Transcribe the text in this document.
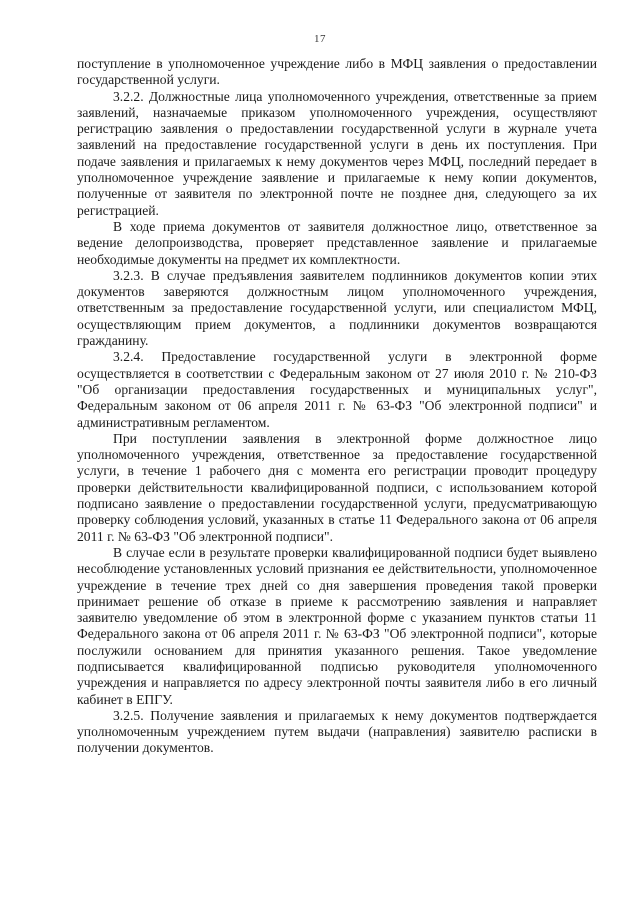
17

поступление в уполномоченное учреждение либо в МФЦ заявления о предоставлении государственной услуги.

3.2.2. Должностные лица уполномоченного учреждения, ответственные за прием заявлений, назначаемые приказом уполномоченного учреждения, осуществляют регистрацию заявления о предоставлении государственной услуги в журнале учета заявлений на предоставление государственной услуги в день их поступления. При подаче заявления и прилагаемых к нему документов через МФЦ, последний передает в уполномоченное учреждение заявление и прилагаемые к нему копии документов, полученные от заявителя по электронной почте не позднее дня, следующего за их регистрацией.

В ходе приема документов от заявителя должностное лицо, ответственное за ведение делопроизводства, проверяет представленное заявление и прилагаемые необходимые документы на предмет их комплектности.

3.2.3. В случае предъявления заявителем подлинников документов копии этих документов заверяются должностным лицом уполномоченного учреждения, ответственным за предоставление государственной услуги, или специалистом МФЦ, осуществляющим прием документов, а подлинники документов возвращаются гражданину.

3.2.4. Предоставление государственной услуги в электронной форме осуществляется в соответствии с Федеральным законом от 27 июля 2010 г. № 210-ФЗ "Об организации предоставления государственных и муниципальных услуг", Федеральным законом от 06 апреля 2011 г. № 63-ФЗ "Об электронной подписи" и административным регламентом.

При поступлении заявления в электронной форме должностное лицо уполномоченного учреждения, ответственное за предоставление государственной услуги, в течение 1 рабочего дня с момента его регистрации проводит процедуру проверки действительности квалифицированной подписи, с использованием которой подписано заявление о предоставлении государственной услуги, предусматривающую проверку соблюдения условий, указанных в статье 11 Федерального закона от 06 апреля 2011 г. № 63-ФЗ "Об электронной подписи".

В случае если в результате проверки квалифицированной подписи будет выявлено несоблюдение установленных условий признания ее действительности, уполномоченное учреждение в течение трех дней со дня завершения проведения такой проверки принимает решение об отказе в приеме к рассмотрению заявления и направляет заявителю уведомление об этом в электронной форме с указанием пунктов статьи 11 Федерального закона от 06 апреля 2011 г. № 63-ФЗ "Об электронной подписи", которые послужили основанием для принятия указанного решения. Такое уведомление подписывается квалифицированной подписью руководителя уполномоченного учреждения и направляется по адресу электронной почты заявителя либо в его личный кабинет в ЕПГУ.

3.2.5. Получение заявления и прилагаемых к нему документов подтверждается уполномоченным учреждением путем выдачи (направления) заявителю расписки в получении документов.
